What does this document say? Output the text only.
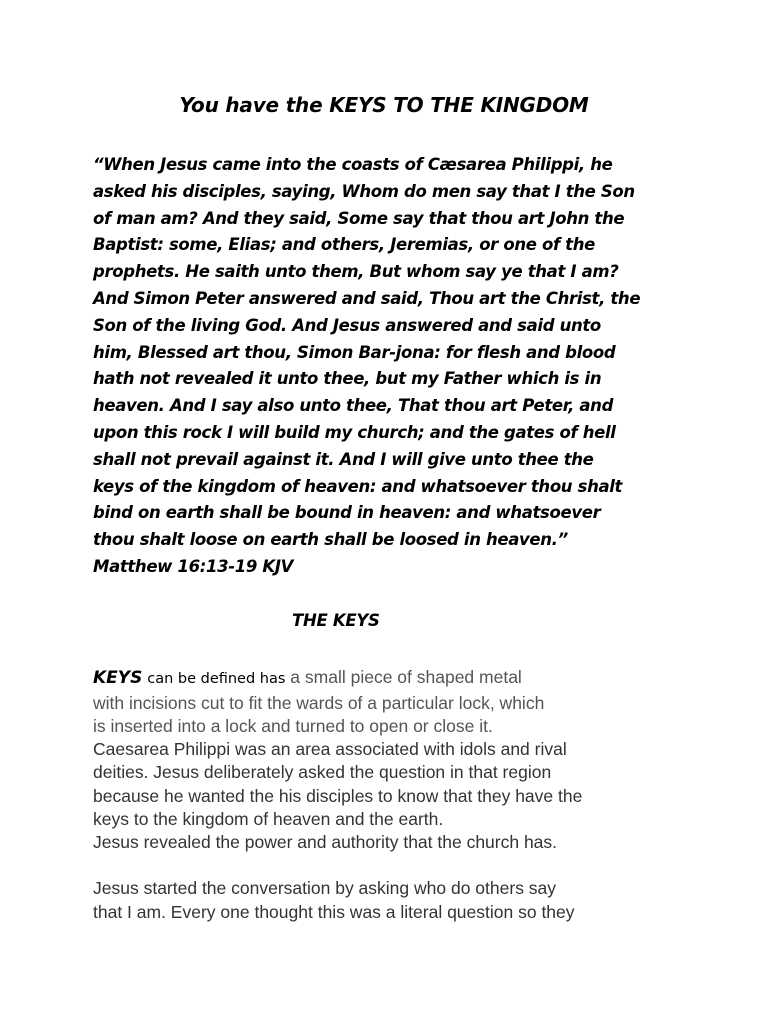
You have the KEYS TO THE KINGDOM
“When Jesus came into the coasts of Cæsarea Philippi, he
asked his disciples, saying, Whom do men say that I the Son
of man am? And they said, Some say that thou art John the
Baptist: some, Elias; and others, Jeremias, or one of the
prophets. He saith unto them, But whom say ye that I am?
And Simon Peter answered and said, Thou art the Christ, the
Son of the living God. And Jesus answered and said unto
him, Blessed art thou, Simon Bar-jona: for flesh and blood
hath not revealed it unto thee, but my Father which is in
heaven. And I say also unto thee, That thou art Peter, and
upon this rock I will build my church; and the gates of hell
shall not prevail against it. And I will give unto thee the
keys of the kingdom of heaven: and whatsoever thou shalt
bind on earth shall be bound in heaven: and whatsoever
thou shalt loose on earth shall be loosed in heaven.”
Matthew 16:13-19 KJV
THE KEYS
KEYS can be defined has a small piece of shaped metal
with incisions cut to fit the wards of a particular lock, which
is inserted into a lock and turned to open or close it.
Caesarea Philippi was an area associated with idols and rival
deities. Jesus deliberately asked the question in that region
because he wanted the his disciples to know that they have the
keys to the kingdom of heaven and the earth.
Jesus revealed the power and authority that the church has.
Jesus started the conversation by asking who do others say
that I am. Every one thought this was a literal question so they
